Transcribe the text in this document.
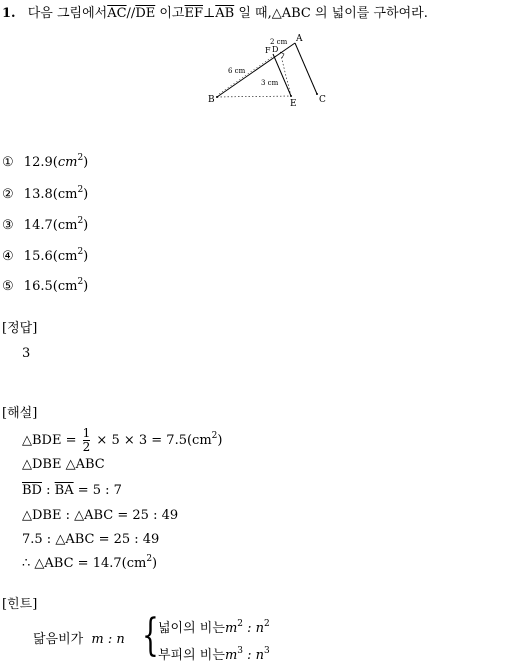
1. 다음 그림에서$\overline{AC}//\overline{DE}$ 이고$\overline{EF}\perp\overline{AB}$ 일 때,△ABC 의 넓이를 구하여라.
A
B	C
D
E
F
2 cm
6 cm
3 cm
① $12.9(cm^2)$
② $13.8(cm^2)$
③ $14.7(cm^2)$
④ $15.6(cm^2)$
⑤ $16.5(cm^2)$
[정답]
3
[해설]
△BDE = $\frac{1}{2} \times 5 \times 3 = 7.5(cm^2)$
△DBE △ABC
$\overline{BD}$ : $\overline{BA} = 5$ : 7
△DBE : △ABC = 25 : 49
7.5 : △ABC = 25 : 49
∴ △ABC = $14.7(cm^2)$
[힌트]
닮음비가 m : n { 넓이의 비는$m^2$ : $n^2$
부피의 비는$m^3$ : $n^3$
